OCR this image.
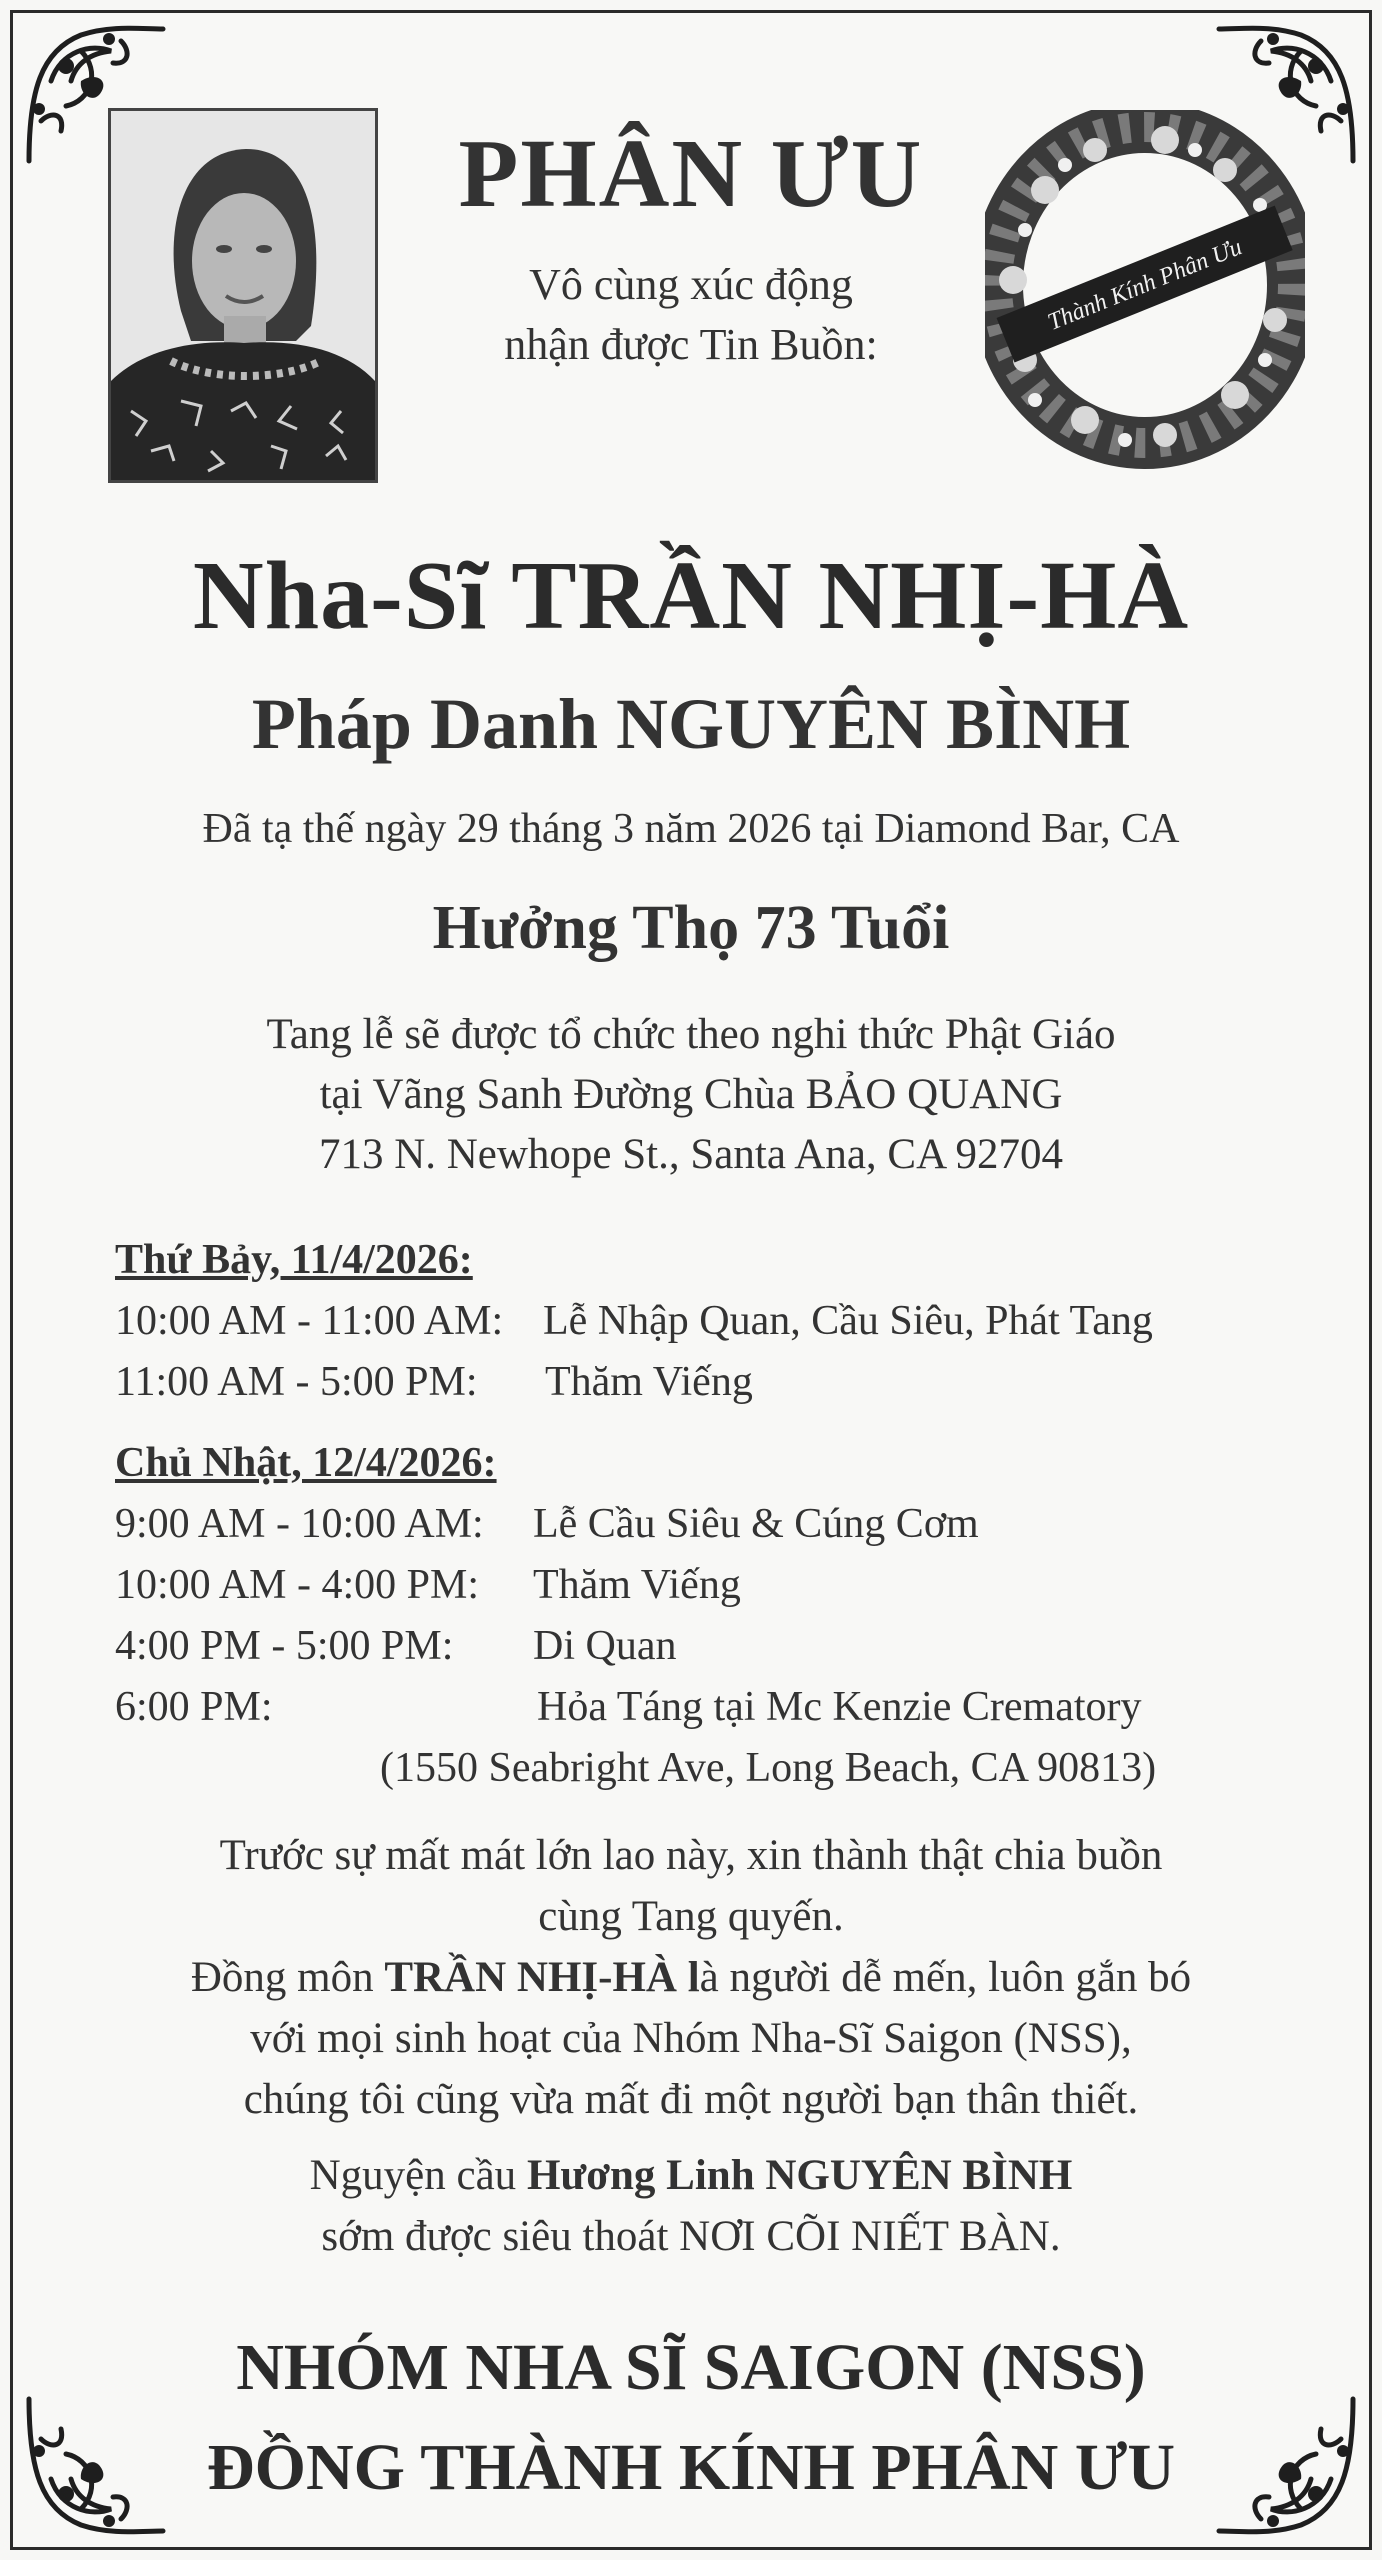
Thành Kính Phân Ưu
PHÂN ƯU
Vô cùng xúc động
nhận được Tin Buồn:
Nha-Sĩ TRẦN NHỊ-HÀ
Pháp Danh NGUYÊN BÌNH
Đã tạ thế ngày 29 tháng 3 năm 2026 tại Diamond Bar, CA
Hưởng Thọ 73 Tuổi
Tang lễ sẽ được tổ chức theo nghi thức Phật Giáo
tại Vãng Sanh Đường Chùa BẢO QUANG
713 N. Newhope St., Santa Ana, CA 92704
Thứ Bảy, 11/4/2026:
10:00 AM - 11:00 AM: Lễ Nhập Quan, Cầu Siêu, Phát Tang
11:00 AM - 5:00 PM: Thăm Viếng
Chủ Nhật, 12/4/2026:
9:00 AM - 10:00 AM: Lễ Cầu Siêu & Cúng Cơm
10:00 AM - 4:00 PM: Thăm Viếng
4:00 PM - 5:00 PM: Di Quan
6:00 PM:	Hỏa Táng tại Mc Kenzie Crematory
(1550 Seabright Ave, Long Beach, CA 90813)

Trước sự mất mát lớn lao này, xin thành thật chia buồn

cùng Tang quyến.

Đồng môn TRẦN NHỊ-HÀ là người dễ mến, luôn gắn bó

với mọi sinh hoạt của Nhóm Nha-Sĩ Saigon (NSS),

chúng tôi cũng vừa mất đi một người bạn thân thiết.

Nguyện cầu Hương Linh NGUYÊN BÌNH
sớm được siêu thoát NƠI CÕI NIẾT BÀN.
NHÓM NHA SĨ SAIGON (NSS)
ĐỒNG THÀNH KÍNH PHÂN ƯU
